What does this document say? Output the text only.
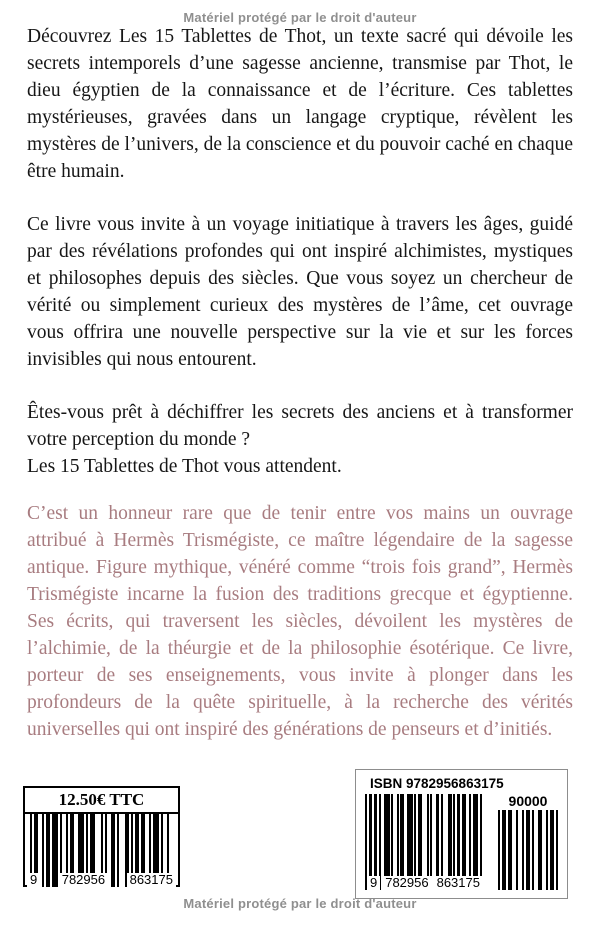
Matériel protégé par le droit d'auteur

Découvrez Les 15 Tablettes de Thot, un texte sacré qui dévoile les secrets intemporels d’une sagesse ancienne, transmise par Thot, le dieu égyptien de la connaissance et de l’écriture. Ces tablettes mystérieuses, gravées dans un langage cryptique, révèlent les mystères de l’univers, de la conscience et du pouvoir caché en chaque être humain.

Ce livre vous invite à un voyage initiatique à travers les âges, guidé par des révélations profondes qui ont inspiré alchimistes, mystiques et philosophes depuis des siècles. Que vous soyez un chercheur de vérité ou simplement curieux des mystères de l’âme, cet ouvrage vous offrira une nouvelle perspective sur la vie et sur les forces invisibles qui nous entourent.

Êtes-vous prêt à déchiffrer les secrets des anciens et à transformer votre perception du monde ?
Les 15 Tablettes de Thot vous attendent.

C’est un honneur rare que de tenir entre vos mains un ouvrage attribué à Hermès Trismégiste, ce maître légendaire de la sagesse antique. Figure mythique, vénéré comme “trois fois grand”, Hermès Trismégiste incarne la fusion des traditions grecque et égyptienne. Ses écrits, qui traversent les siècles, dévoilent les mystères de l’alchimie, de la théurgie et de la philosophie ésotérique. Ce livre, porteur de ses enseignements, vous invite à plonger dans les profondeurs de la quête spirituelle, à la recherche des vérités universelles qui ont inspiré des générations de penseurs et d’initiés.

12.50€ TTC
9 782956 863175
ISBN 9782956863175
9 782956 863175
90000
Matériel protégé par le droit d'auteur
